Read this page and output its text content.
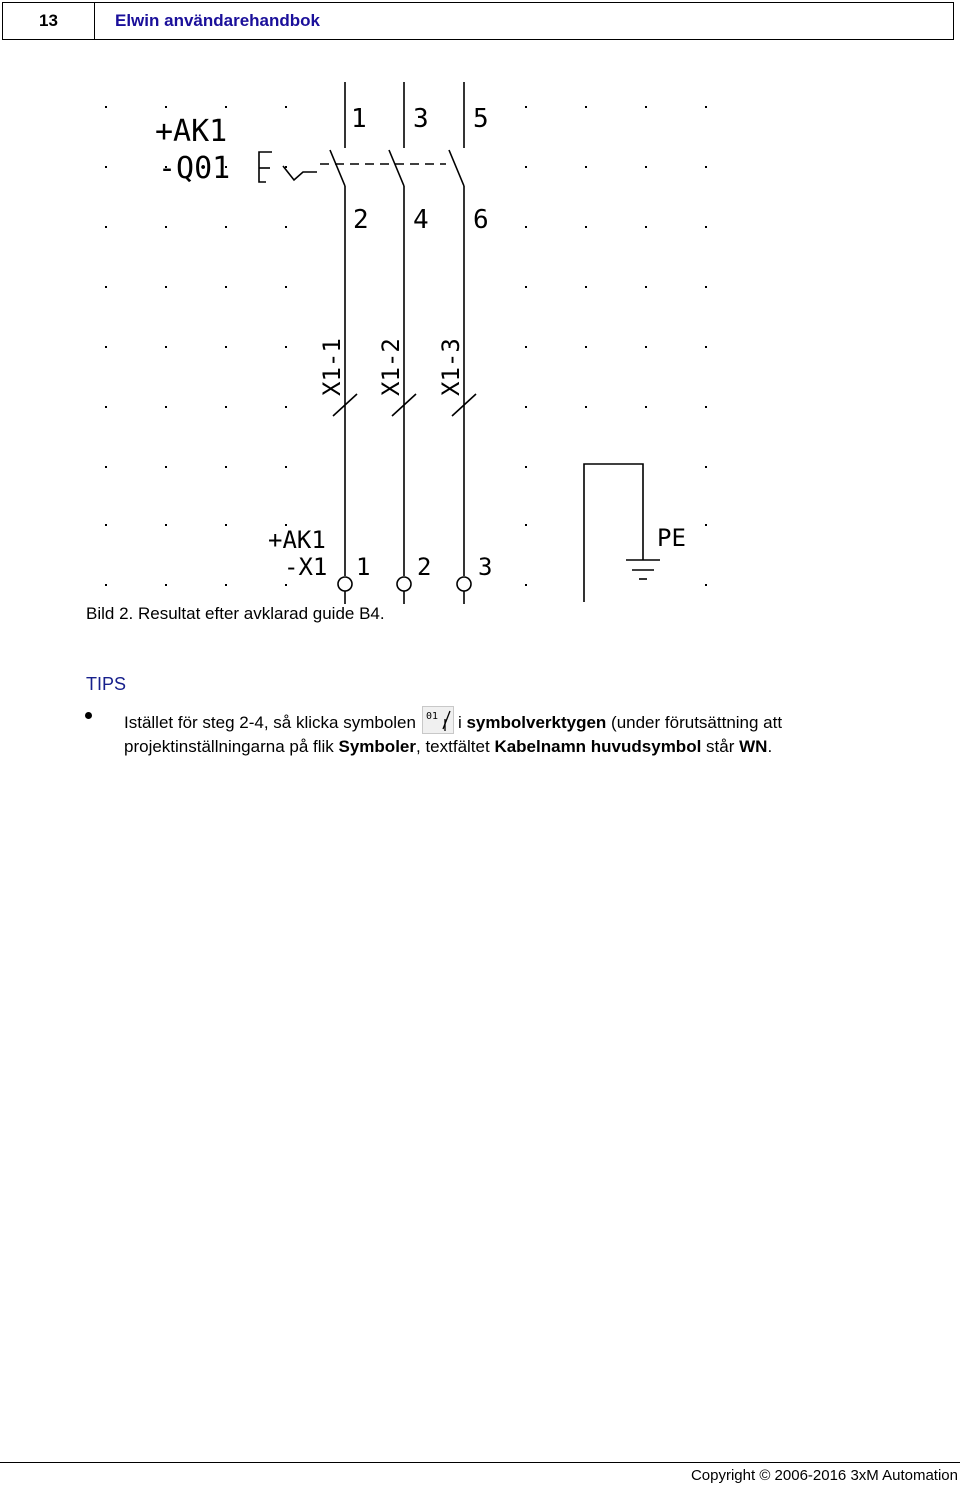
13	Elwin användarehandbok
+AK1
-Q01
1 3 5
2 4 6
X1-1 X1-2 X1-3
+AK1
-X1 1 2 3
PE
Bild 2. Resultat efter avklarad guide B4.
TIPS
Istället för steg 2-4, så klicka symbolen 01 i symbolverktygen (under förutsättning att projektinställningarna på flik Symboler, textfältet Kabelnamn huvudsymbol står WN.
Copyright © 2006-2016 3xM Automation
